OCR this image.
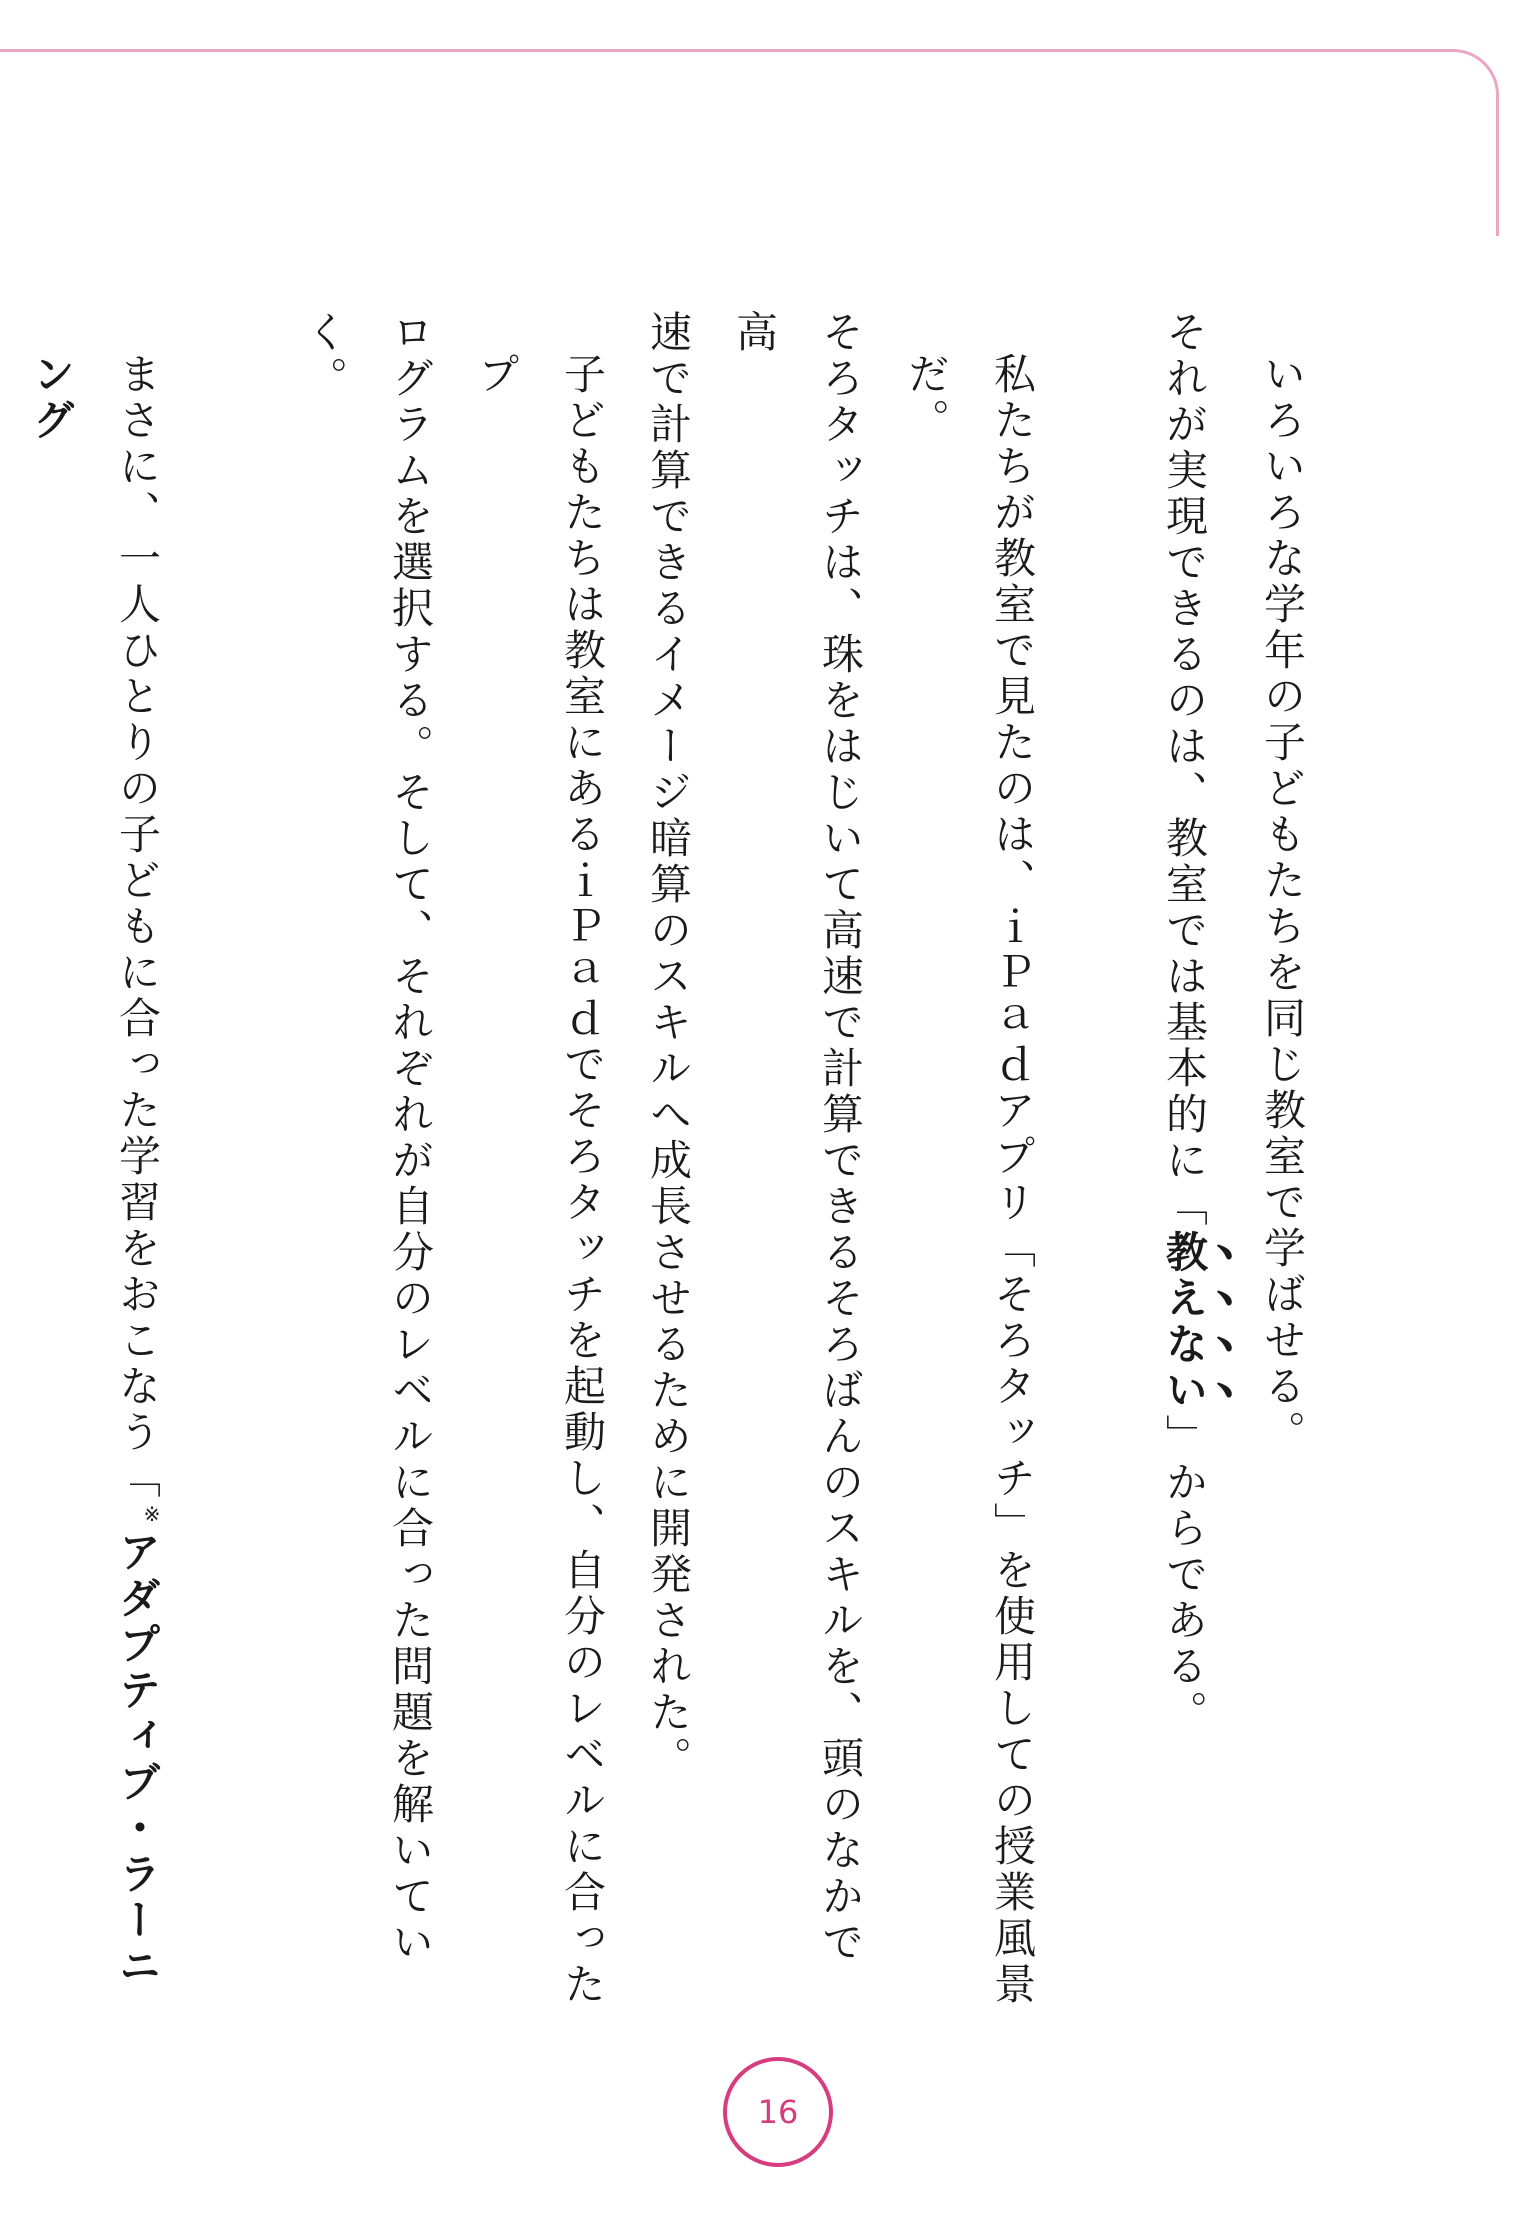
いろいろな学年の子どもたちを同じ教室で学ばせる。
それが実現できるのは、教室では基本的に「教えない」からである。
私たちが教室で見たのは、ｉＰａｄアプリ「そろタッチ」を使用しての授業風景だ。
そろタッチは、珠をはじいて高速で計算できるそろばんのスキルを、頭のなかで高
速で計算できるイメージ暗算のスキルへ成長させるために開発された。
子どもたちは教室にあるｉＰａｄでそろタッチを起動し、自分のレベルに合ったプ
ログラムを選択する。そして、それぞれが自分のレベルに合った問題を解いていく。
まさに、一人ひとりの子どもに合った学習をおこなう「※アダプティブ・ラーニング
16
